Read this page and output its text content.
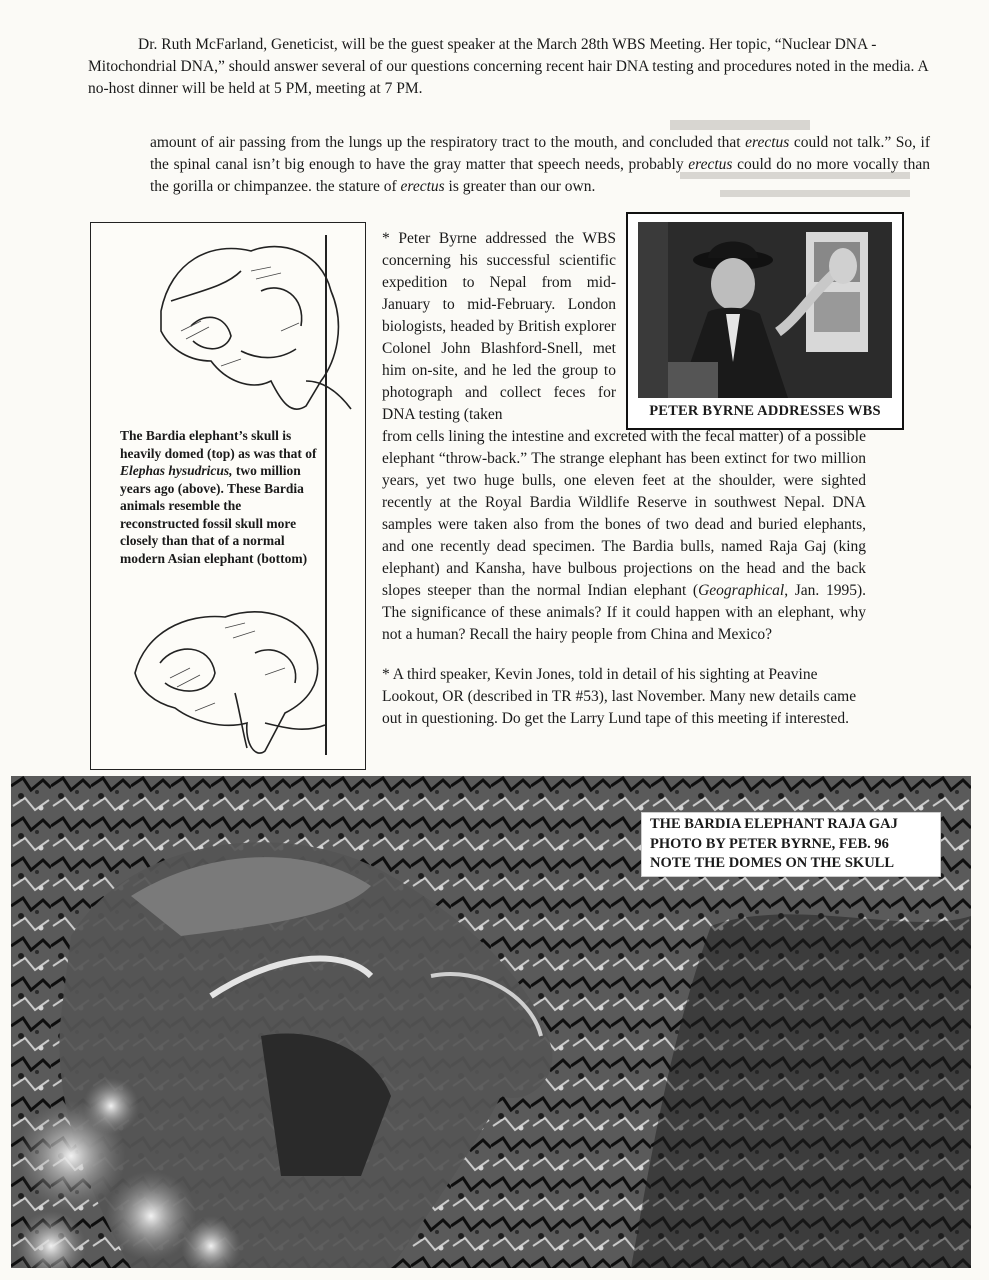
Dr. Ruth McFarland, Geneticist, will be the guest speaker at the March 28th WBS Meeting. Her topic, “Nuclear DNA - Mitochondrial DNA,” should answer several of our questions concerning recent hair DNA testing and procedures noted in the media. A no-host dinner will be held at 5 PM, meeting at 7 PM.

amount of air passing from the lungs up the respiratory tract to the mouth, and concluded that erectus could not talk.” So, if the spinal canal isn’t big enough to have the gray matter that speech needs, probably erectus could do no more vocally than the gorilla or chimpanzee. the stature of erectus is greater than our own.

The Bardia elephant’s skull is heavily domed (top) as was that of Elephas hysudricus, two million years ago (above). These Bardia animals resemble the reconstructed fossil skull more closely than that of a normal modern Asian elephant (bottom)

PETER BYRNE ADDRESSES WBS

* Peter Byrne addressed the WBS concerning his successful scientific expedition to Nepal from mid-January to mid-February. London biologists, headed by British explorer Colonel John Blashford-Snell, met him on-site, and he led the group to photograph and collect feces for DNA testing (taken

from cells lining the intestine and excreted with the fecal matter) of a possible elephant “throw-back.” The strange elephant has been extinct for two million years, yet two huge bulls, one eleven feet at the shoulder, were sighted recently at the Royal Bardia Wildlife Reserve in southwest Nepal. DNA samples were taken also from the bones of two dead and buried elephants, and one recently dead specimen. The Bardia bulls, named Raja Gaj (king elephant) and Kansha, have bulbous projections on the head and the back slopes steeper than the normal Indian elephant (Geographical, Jan. 1995). The significance of these animals? If it could happen with an elephant, why not a human? Recall the hairy people from China and Mexico?

* A third speaker, Kevin Jones, told in detail of his sighting at Peavine Lookout, OR (described in TR #53), last November. Many new details came out in questioning. Do get the Larry Lund tape of this meeting if interested.

THE BARDIA ELEPHANT RAJA GAJ
PHOTO BY PETER BYRNE, FEB. 96
NOTE THE DOMES ON THE SKULL
